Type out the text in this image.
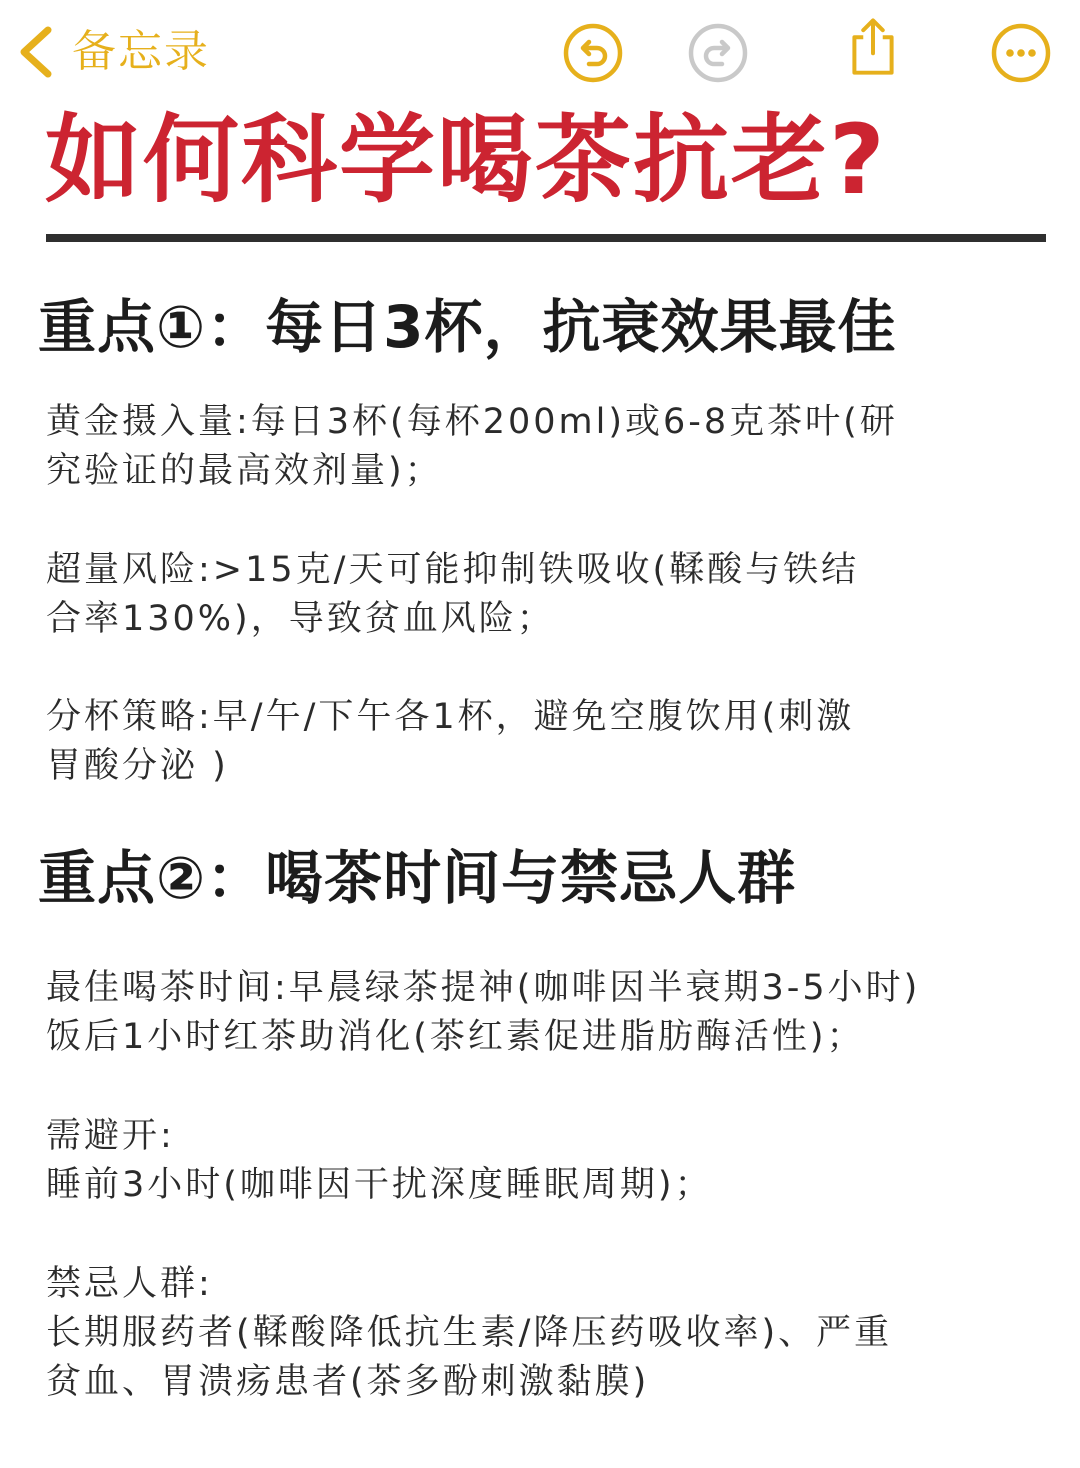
备忘录
如何科学喝茶抗老?
重点①：每日3杯，抗衰效果最佳
黄金摄入量:每日3杯(每杯200ml)或6-8克茶叶(研
究验证的最高效剂量)；
超量风险:>15克/天可能抑制铁吸收(鞣酸与铁结
合率130%)，导致贫血风险；
分杯策略:早/午/下午各1杯，避免空腹饮用(刺激
胃酸分泌 )
重点②：喝茶时间与禁忌人群
最佳喝茶时间:早晨绿茶提神(咖啡因半衰期3-5小时)
饭后1小时红茶助消化(茶红素促进脂肪酶活性)；
需避开:
睡前3小时(咖啡因干扰深度睡眠周期)；
禁忌人群:
长期服药者(鞣酸降低抗生素/降压药吸收率)、严重
贫血、胃溃疡患者(茶多酚刺激黏膜)
